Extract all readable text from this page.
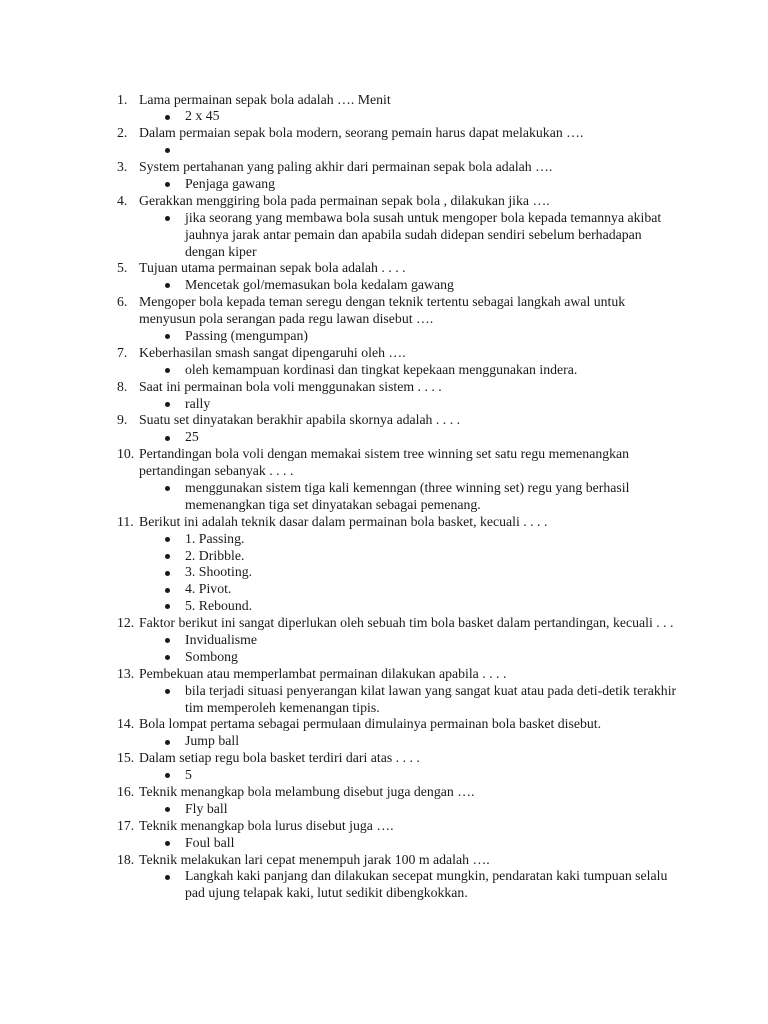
1. Lama permainan sepak bola adalah …. Menit
2 x 45
2. Dalam permaian sepak bola modern, seorang pemain harus dapat melakukan ….
3. System pertahanan yang paling akhir dari permainan sepak bola adalah ….
Penjaga gawang
4. Gerakkan menggiring bola pada permainan sepak bola , dilakukan jika ….
jika seorang yang membawa bola susah untuk mengoper bola kepada temannya akibat
jauhnya jarak antar pemain dan apabila sudah didepan sendiri sebelum berhadapan
dengan kiper
5. Tujuan utama permainan sepak bola adalah . . . .
Mencetak gol/memasukan bola kedalam gawang
6. Mengoper bola kepada teman seregu dengan teknik tertentu sebagai langkah awal untuk
menyusun pola serangan pada regu lawan disebut ….
Passing (mengumpan)
7. Keberhasilan smash sangat dipengaruhi oleh ….
oleh kemampuan kordinasi dan tingkat kepekaan menggunakan indera.
8. Saat ini permainan bola voli menggunakan sistem . . . .
rally
9. Suatu set dinyatakan berakhir apabila skornya adalah . . . .
25
10. Pertandingan bola voli dengan memakai sistem tree winning set satu regu memenangkan
pertandingan sebanyak . . . .
menggunakan sistem tiga kali kemenngan (three winning set) regu yang berhasil
memenangkan tiga set dinyatakan sebagai pemenang.
11. Berikut ini adalah teknik dasar dalam permainan bola basket, kecuali . . . .
1. Passing.
2. Dribble.
3. Shooting.
4. Pivot.
5. Rebound.
12. Faktor berikut ini sangat diperlukan oleh sebuah tim bola basket dalam pertandingan, kecuali . . .
Invidualisme
Sombong
13. Pembekuan atau memperlambat permainan dilakukan apabila . . . .
bila terjadi situasi penyerangan kilat lawan yang sangat kuat atau pada deti-detik terakhir
tim memperoleh kemenangan tipis.
14. Bola lompat pertama sebagai permulaan dimulainya permainan bola basket disebut.
Jump ball
15. Dalam setiap regu bola basket terdiri dari atas . . . .
5
16. Teknik menangkap bola melambung disebut juga dengan ….
Fly ball
17. Teknik menangkap bola lurus disebut juga ….
Foul ball
18. Teknik melakukan lari cepat menempuh jarak 100 m adalah ….
Langkah kaki panjang dan dilakukan secepat mungkin, pendaratan kaki tumpuan selalu
pad ujung telapak kaki, lutut sedikit dibengkokkan.
